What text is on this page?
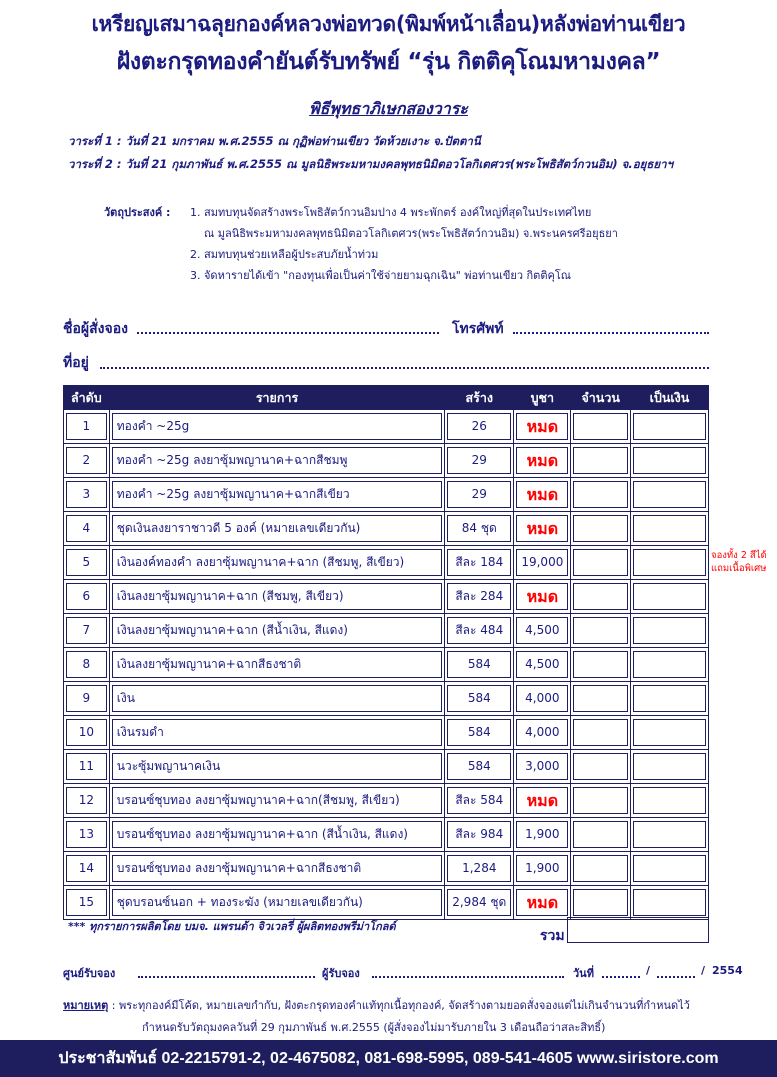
เหรียญเสมาฉลุยกองค์หลวงพ่อทวด(พิมพ์หน้าเลื่อน)หลังพ่อท่านเขียว
ฝังตะกรุดทองคำยันต์รับทรัพย์ “รุ่น กิตติคุโณมหามงคล”
พิธีพุทธาภิเษกสองวาระ
วาระที่ 1 : วันที่ 21 มกราคม พ.ศ.2555 ณ กุฏิพ่อท่านเขียว วัดห้วยเงาะ จ.ปัตตานี
วาระที่ 2 : วันที่ 21 กุมภาพันธ์ พ.ศ.2555 ณ มูลนิธิพระมหามงคลพุทธนิมิตอวโลกิเตศวร(พระโพธิสัตว์กวนอิม) จ.อยุธยาฯ
วัตถุประสงค์ : 1. สมทบทุนจัดสร้างพระโพธิสัตว์กวนอิมปาง 4 พระพักตร์ องค์ใหญ่ที่สุดในประเทศไทย
ณ มูลนิธิพระมหามงคลพุทธนิมิตอวโลกิเตศวร(พระโพธิสัตว์กวนอิม) จ.พระนครศรีอยุธยา
2. สมทบทุนช่วยเหลือผู้ประสบภัยน้ำท่วม
3. จัดหารายได้เข้า "กองทุนเพื่อเป็นค่าใช้จ่ายยามฉุกเฉิน" พ่อท่านเขียว กิตติคุโณ
ชื่อผู้สั่งจอง	โทรศัพท์
ที่อยู่
ลำดับ	รายการ	สร้าง	บูชา	จำนวน	เป็นเงิน

1	ทองคำ ~25g	26	หมด		

2	ทองคำ ~25g ลงยาซุ้มพญานาค+ฉากสีชมพู	29	หมด		

3	ทองคำ ~25g ลงยาซุ้มพญานาค+ฉากสีเขียว	29	หมด		

4	ชุดเงินลงยาราชาวดี 5 องค์ (หมายเลขเดียวกัน)	84 ชุด	หมด		

5	เงินองค์ทองคำ ลงยาซุ้มพญานาค+ฉาก (สีชมพู, สีเขียว)	สีละ 184	19,000		

6	เงินลงยาซุ้มพญานาค+ฉาก (สีชมพู, สีเขียว)	สีละ 284	หมด		

7	เงินลงยาซุ้มพญานาค+ฉาก (สีน้ำเงิน, สีแดง)	สีละ 484	4,500		

8	เงินลงยาซุ้มพญานาค+ฉากสีธงชาติ	584	4,500		

9	เงิน	584	4,000		

10	เงินรมดำ	584	4,000		

11	นวะซุ้มพญานาคเงิน	584	3,000		

12	บรอนซ์ชุบทอง ลงยาซุ้มพญานาค+ฉาก(สีชมพู, สีเขียว)	สีละ 584	หมด		

13	บรอนซ์ชุบทอง ลงยาซุ้มพญานาค+ฉาก (สีน้ำเงิน, สีแดง)	สีละ 984	1,900		

14	บรอนซ์ชุบทอง ลงยาซุ้มพญานาค+ฉากสีธงชาติ	1,284	1,900		

15	ชุดบรอนซ์นอก + ทองระฆัง (หมายเลขเดียวกัน)	2,984 ชุด	หมด		

จองทั้ง 2 สีได้
แถมเนื้อพิเศษ
*** ทุกรายการผลิตโดย บมจ. แพรนด้า จิวเวลรี่ ผู้ผลิตทองพรีม่าโกลด์
รวม
ศูนย์รับจอง	ผู้รับจอง	วันที่	/	/ 2554
หมายเหตุ : พระทุกองค์มีโค้ด, หมายเลขกำกับ, ฝังตะกรุดทองคำแท้ทุกเนื้อทุกองค์, จัดสร้างตามยอดสั่งจองแต่ไม่เกินจำนวนที่กำหนดไว้
กำหนดรับวัตถุมงคลวันที่ 29 กุมภาพันธ์ พ.ศ.2555 (ผู้สั่งจองไม่มารับภายใน 3 เดือนถือว่าสละสิทธิ์)
ประชาสัมพันธ์ 02-2215791-2, 02-4675082, 081-698-5995, 089-541-4605 www.siristore.com
